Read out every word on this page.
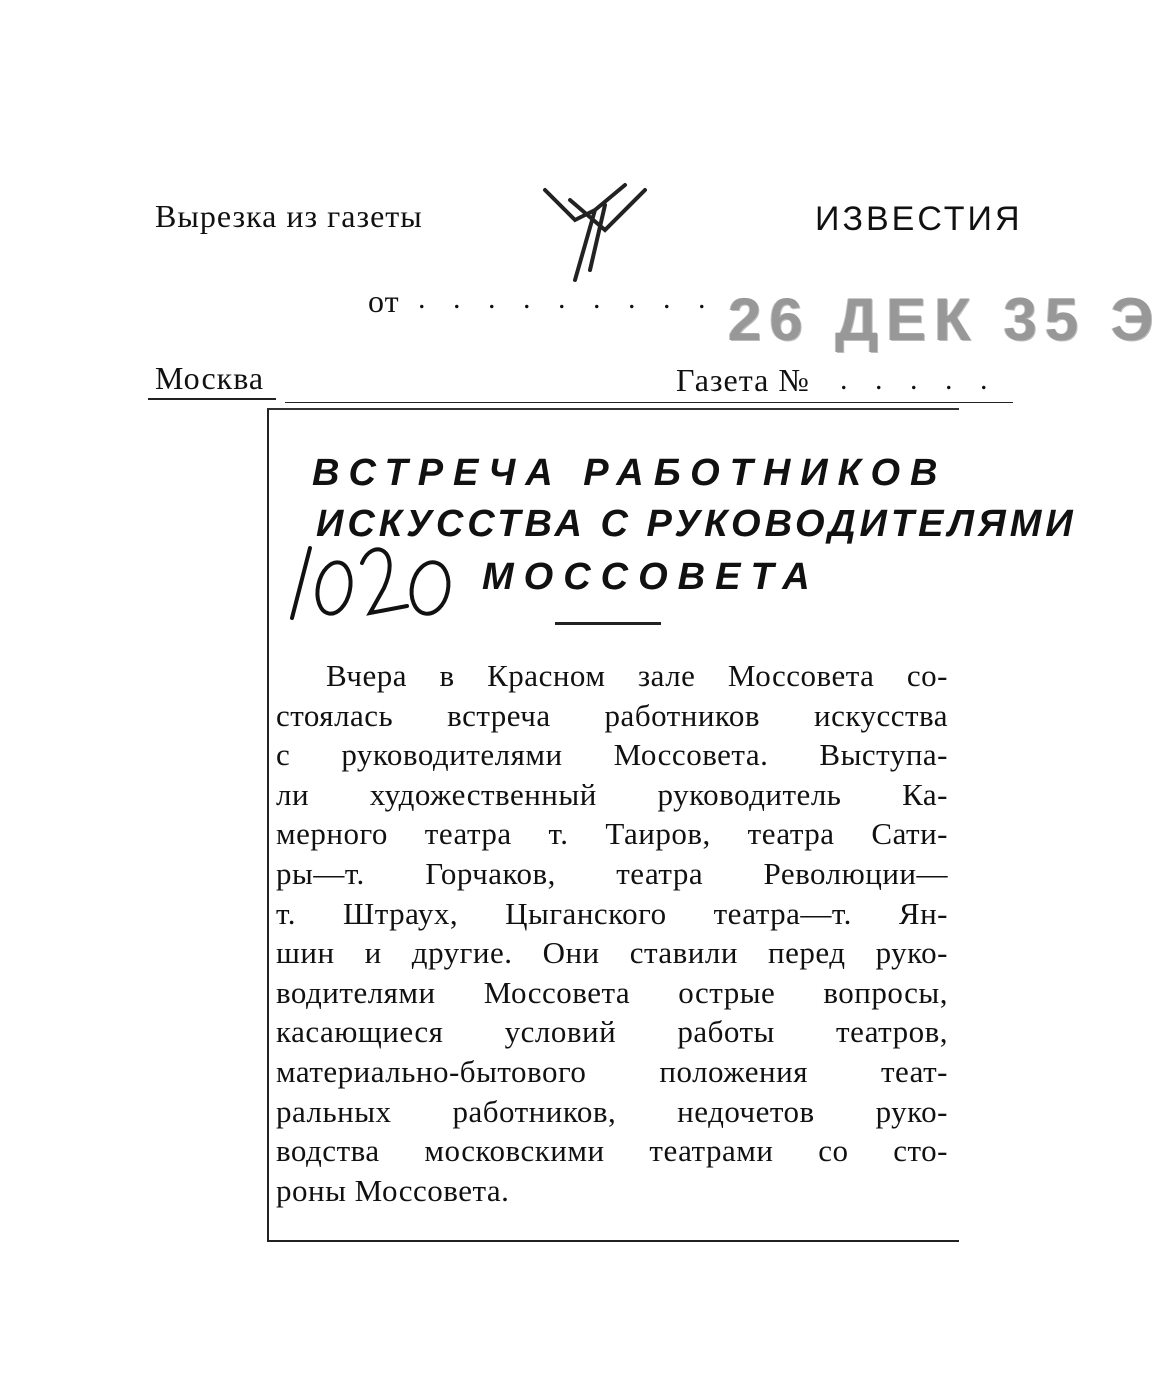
Вырезка из газеты	ИЗВЕСТИЯ
от . . . . . . . . . 26 ДЕК 35 Э
Москва	Газета № . . . . .
ВСТРЕЧА РАБОТНИКОВ
ИСКУССТВА С РУКОВОДИТЕЛЯМИ
МОССОВЕТА
Вчера в Красном зале Моссовета со-
стоялась встреча работников искусства
с руководителями Моссовета. Выступа-
ли художественный руководитель Ка-
мерного театра т. Таиров, театра Сати-
ры—т. Горчаков, театра Революции—
т. Штраух, Цыганского театра—т. Ян-
шин и другие. Они ставили перед руко-
водителями Моссовета острые вопросы,
касающиеся условий работы театров,
материально-бытового положения теат-
ральных работников, недочетов руко-
водства московскими театрами со сто-
роны Моссовета.
